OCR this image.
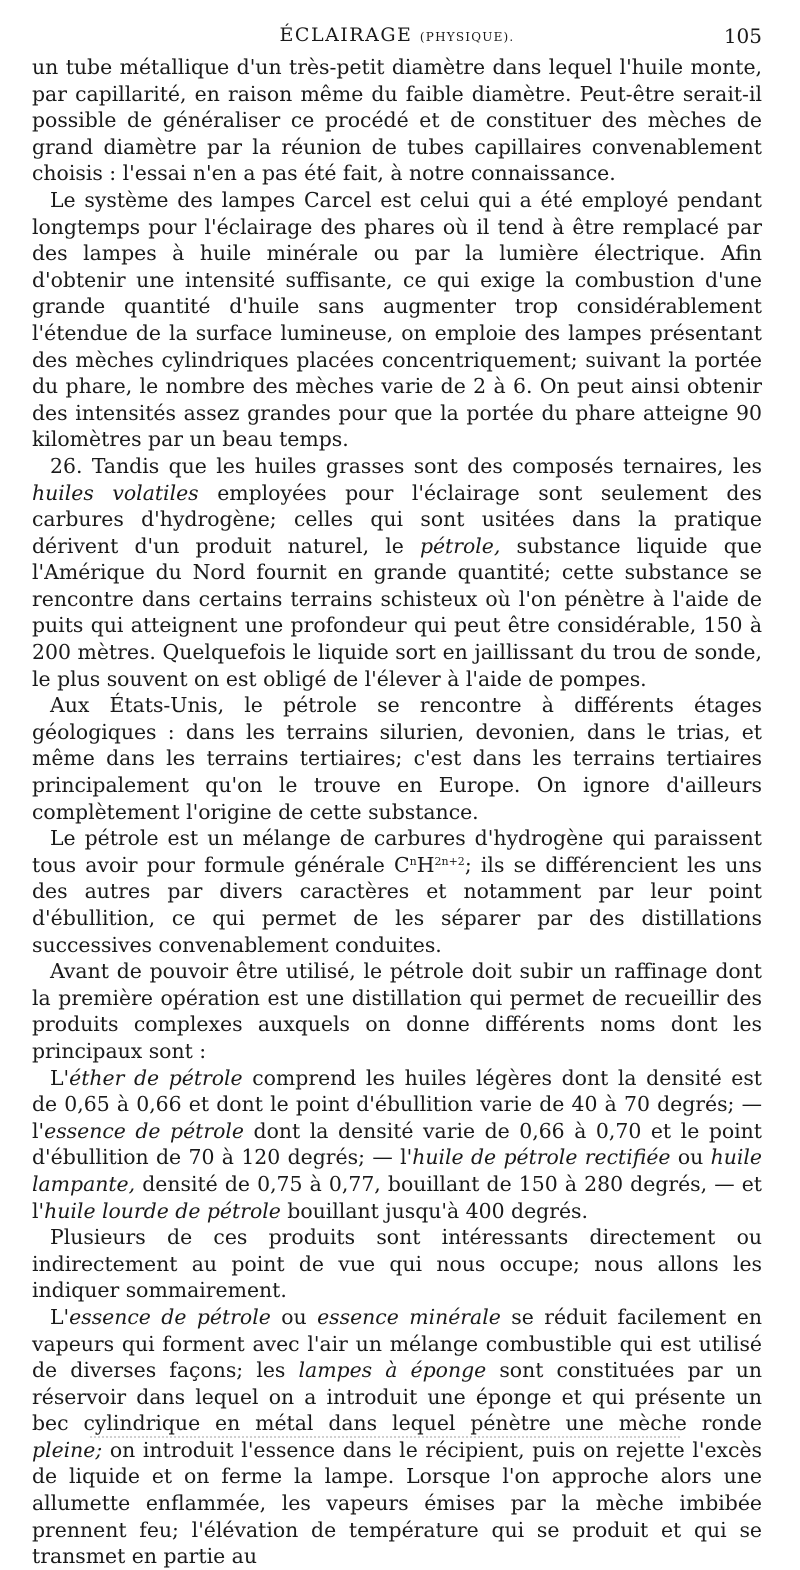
ÉCLAIRAGE (PHYSIQUE).	105

un tube métallique d'un très-petit diamètre dans lequel l'huile monte, par capillarité, en raison même du faible diamètre. Peut-être serait-il possible de généraliser ce procédé et de constituer des mèches de grand diamètre par la réunion de tubes capillaires convenablement choisis : l'essai n'en a pas été fait, à notre connaissance.

Le système des lampes Carcel est celui qui a été employé pendant longtemps pour l'éclairage des phares où il tend à être remplacé par des lampes à huile minérale ou par la lumière électrique. Afin d'obtenir une intensité suffisante, ce qui exige la combustion d'une grande quantité d'huile sans augmenter trop considérablement l'étendue de la surface lumineuse, on emploie des lampes présentant des mèches cylindriques placées concentriquement; suivant la portée du phare, le nombre des mèches varie de 2 à 6. On peut ainsi obtenir des intensités assez grandes pour que la portée du phare atteigne 90 kilomètres par un beau temps.

26. Tandis que les huiles grasses sont des composés ternaires, les huiles volatiles employées pour l'éclairage sont seulement des carbures d'hydrogène; celles qui sont usitées dans la pratique dérivent d'un produit naturel, le pétrole, substance liquide que l'Amérique du Nord fournit en grande quantité; cette substance se rencontre dans certains terrains schisteux où l'on pénètre à l'aide de puits qui atteignent une profondeur qui peut être considérable, 150 à 200 mètres. Quelquefois le liquide sort en jaillissant du trou de sonde, le plus souvent on est obligé de l'élever à l'aide de pompes.

Aux États-Unis, le pétrole se rencontre à différents étages géologiques : dans les terrains silurien, devonien, dans le trias, et même dans les terrains tertiaires; c'est dans les terrains tertiaires principalement qu'on le trouve en Europe. On ignore d'ailleurs complètement l'origine de cette substance.

Le pétrole est un mélange de carbures d'hydrogène qui paraissent tous avoir pour formule générale $C^nH^{2n+2}$; ils se différencient les uns des autres par divers caractères et notamment par leur point d'ébullition, ce qui permet de les séparer par des distillations successives convenablement conduites.

Avant de pouvoir être utilisé, le pétrole doit subir un raffinage dont la première opération est une distillation qui permet de recueillir des produits complexes auxquels on donne différents noms dont les principaux sont :

L'éther de pétrole comprend les huiles légères dont la densité est de 0,65 à 0,66 et dont le point d'ébullition varie de 40 à 70 degrés; — l'essence de pétrole dont la densité varie de 0,66 à 0,70 et le point d'ébullition de 70 à 120 degrés; — l'huile de pétrole rectifiée ou huile lampante, densité de 0,75 à 0,77, bouillant de 150 à 280 degrés, — et l'huile lourde de pétrole bouillant jusqu'à 400 degrés.

Plusieurs de ces produits sont intéressants directement ou indirectement au point de vue qui nous occupe; nous allons les indiquer sommairement.

L'essence de pétrole ou essence minérale se réduit facilement en vapeurs qui forment avec l'air un mélange combustible qui est utilisé de diverses façons; les lampes à éponge sont constituées par un réservoir dans lequel on a introduit une éponge et qui présente un bec cylindrique en métal dans lequel pénètre une mèche ronde pleine; on introduit l'essence dans le récipient, puis on rejette l'excès de liquide et on ferme la lampe. Lorsque l'on approche alors une allumette enflammée, les vapeurs émises par la mèche imbibée prennent feu; l'élévation de température qui se produit et qui se transmet en partie au
